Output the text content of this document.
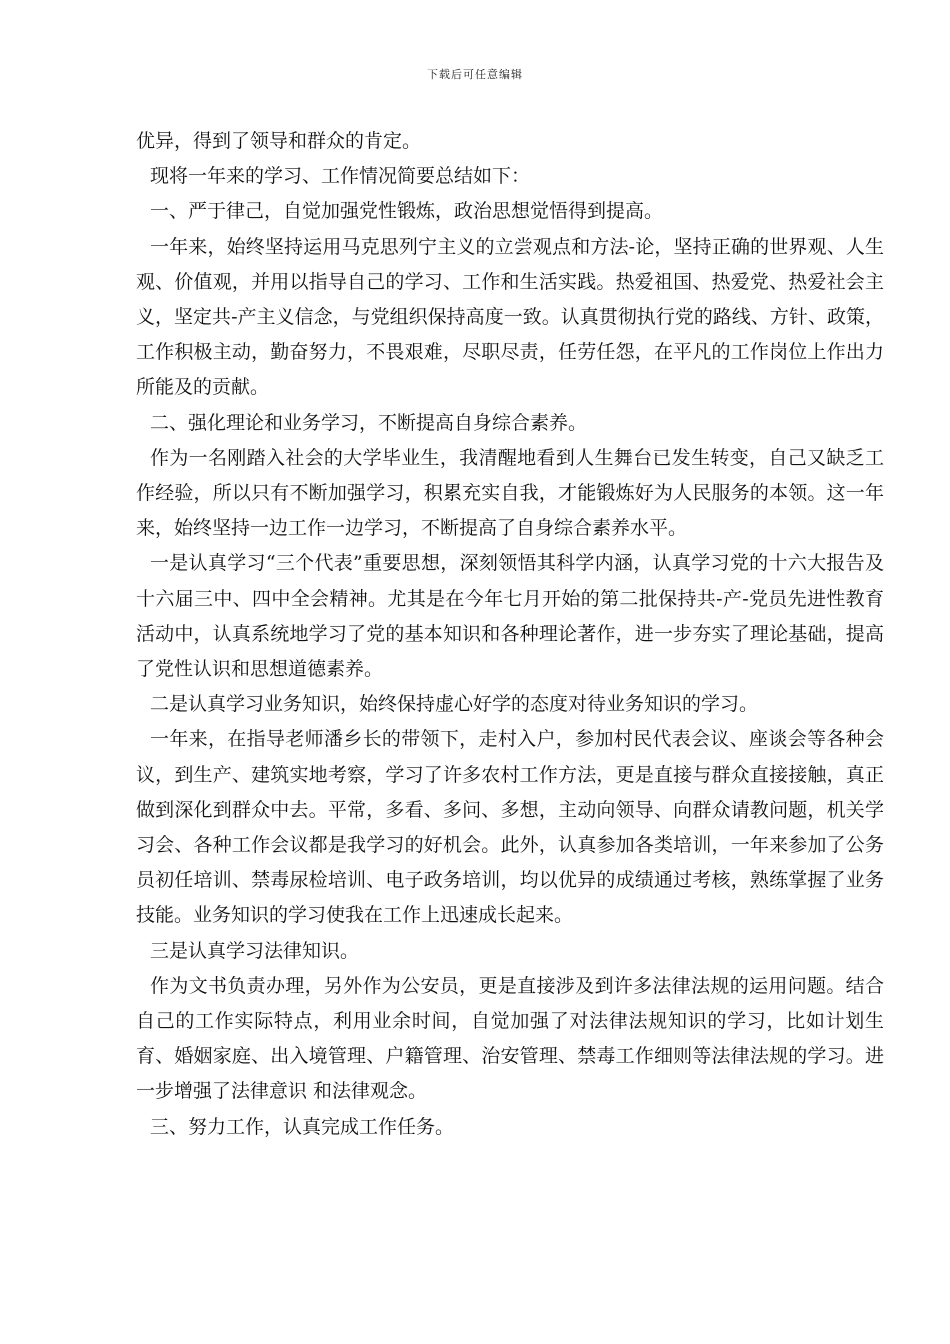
下载后可任意编辑

优异，得到了领导和群众的肯定。

现将一年来的学习、工作情况简要总结如下：

一、严于律己，自觉加强党性锻炼，政治思想觉悟得到提高。

一年来，始终坚持运用马克思列宁主义的立尝观点和方法-论，坚持正确的世界观、人生观、价值观，并用以指导自己的学习、工作和生活实践。热爱祖国、热爱党、热爱社会主义，坚定共-产主义信念，与党组织保持高度一致。认真贯彻执行党的路线、方针、政策，工作积极主动，勤奋努力，不畏艰难，尽职尽责，任劳任怨，在平凡的工作岗位上作出力所能及的贡献。

二、强化理论和业务学习，不断提高自身综合素养。

作为一名刚踏入社会的大学毕业生，我清醒地看到人生舞台已发生转变，自己又缺乏工作经验，所以只有不断加强学习，积累充实自我，才能锻炼好为人民服务的本领。这一年来，始终坚持一边工作一边学习，不断提高了自身综合素养水平。

一是认真学习“三个代表”重要思想，深刻领悟其科学内涵，认真学习党的十六大报告及十六届三中、四中全会精神。尤其是在今年七月开始的第二批保持共-产-党员先进性教育活动中，认真系统地学习了党的基本知识和各种理论著作，进一步夯实了理论基础，提高了党性认识和思想道德素养。

二是认真学习业务知识，始终保持虚心好学的态度对待业务知识的学习。

一年来，在指导老师潘乡长的带领下，走村入户，参加村民代表会议、座谈会等各种会议，到生产、建筑实地考察，学习了许多农村工作方法，更是直接与群众直接接触，真正做到深化到群众中去。平常，多看、多问、多想，主动向领导、向群众请教问题，机关学习会、各种工作会议都是我学习的好机会。此外，认真参加各类培训，一年来参加了公务员初任培训、禁毒尿检培训、电子政务培训，均以优异的成绩通过考核，熟练掌握了业务技能。业务知识的学习使我在工作上迅速成长起来。

三是认真学习法律知识。

作为文书负责办理，另外作为公安员，更是直接涉及到许多法律法规的运用问题。结合自己的工作实际特点，利用业余时间，自觉加强了对法律法规知识的学习，比如计划生育、婚姻家庭、出入境管理、户籍管理、治安管理、禁毒工作细则等法律法规的学习。进一步增强了法律意识 和法律观念。

三、努力工作，认真完成工作任务。
